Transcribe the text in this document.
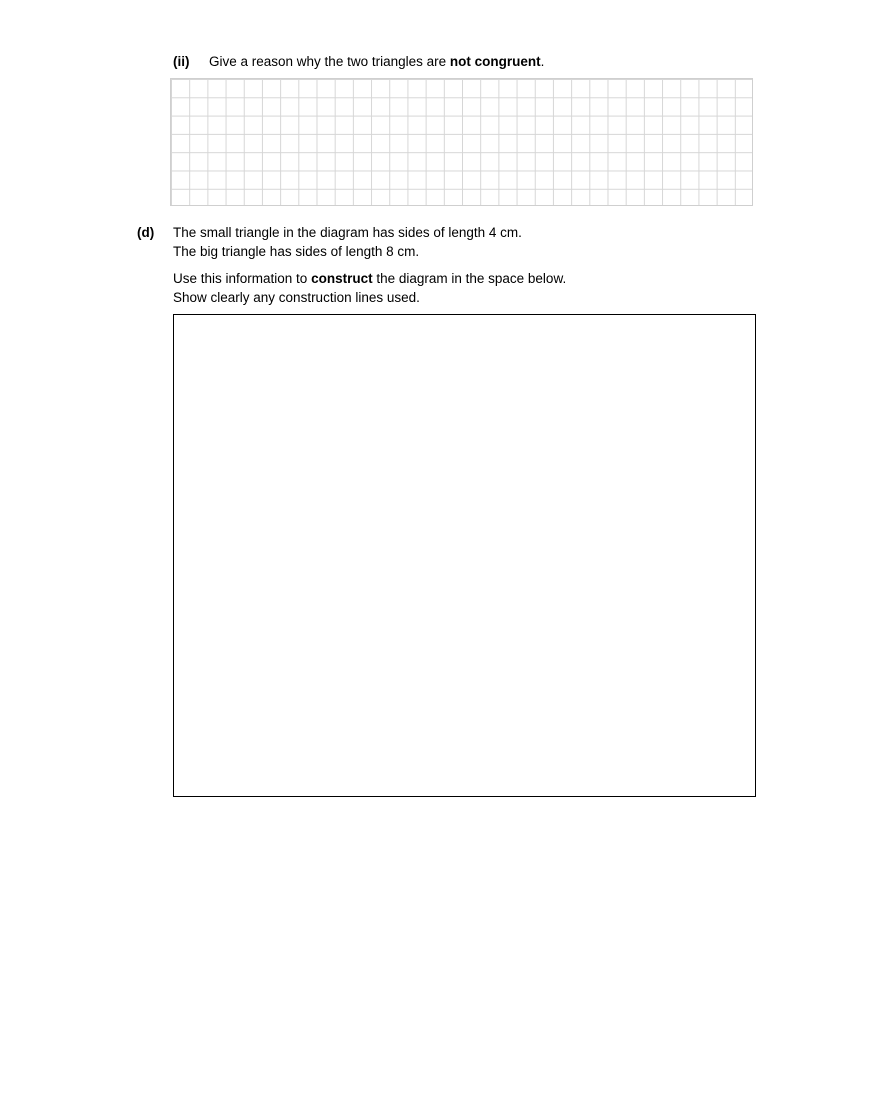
(ii) Give a reason why the two triangles are not congruent.
(d) The small triangle in the diagram has sides of length 4 cm.
The big triangle has sides of length 8 cm.
Use this information to construct the diagram in the space below.
Show clearly any construction lines used.
